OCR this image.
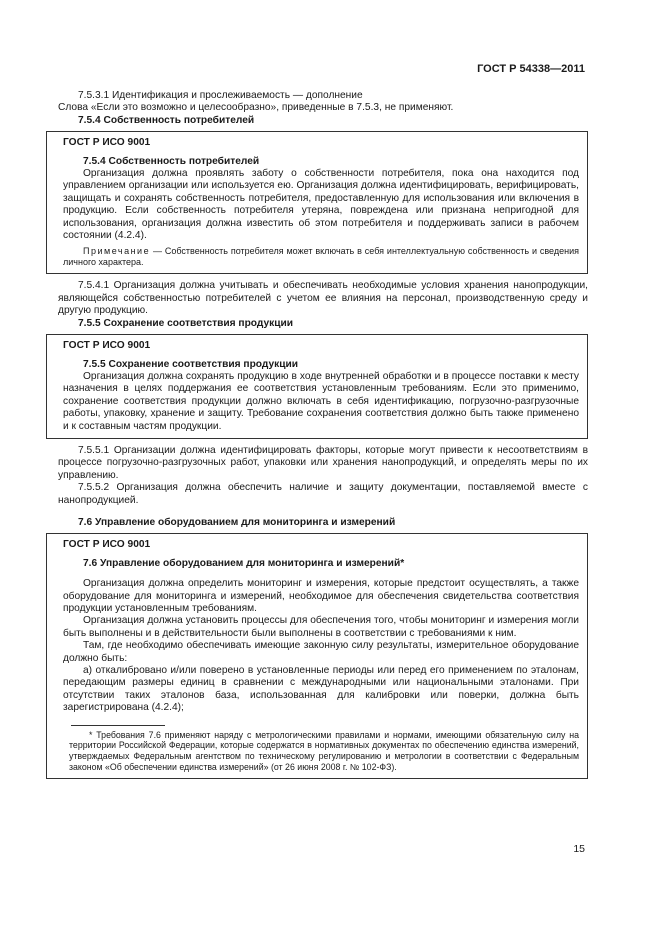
ГОСТ Р 54338—2011

7.5.3.1 Идентификация и прослеживаемость — дополнение

Слова «Если это возможно и целесообразно», приведенные в 7.5.3, не применяют.

7.5.4 Собственность потребителей

ГОСТ Р ИСО 9001

7.5.4 Собственность потребителей

Организация должна проявлять заботу о собственности потребителя, пока она находится под управлением организации или используется ею. Организация должна идентифицировать, верифицировать, защищать и сохранять собственность потребителя, предоставленную для использования или включения в продукцию. Если собственность потребителя утеряна, повреждена или признана непригодной для использования, организация должна известить об этом потребителя и поддерживать записи в рабочем состоянии (4.2.4).

Примечание — Собственность потребителя может включать в себя интеллектуальную собственность и сведения личного характера.

7.5.4.1 Организация должна учитывать и обеспечивать необходимые условия хранения нанопродукции, являющейся собственностью потребителей с учетом ее влияния на персонал, производственную среду и другую продукцию.

7.5.5 Сохранение соответствия продукции

ГОСТ Р ИСО 9001

7.5.5 Сохранение соответствия продукции

Организация должна сохранять продукцию в ходе внутренней обработки и в процессе поставки к месту назначения в целях поддержания ее соответствия установленным требованиям. Если это применимо, сохранение соответствия продукции должно включать в себя идентификацию, погрузочно-разгрузочные работы, упаковку, хранение и защиту. Требование сохранения соответствия должно быть также применено и к составным частям продукции.

7.5.5.1 Организации должна идентифицировать факторы, которые могут привести к несоответствиям в процессе погрузочно-разгрузочных работ, упаковки или хранения нанопродукций, и определять меры по их управлению.

7.5.5.2 Организация должна обеспечить наличие и защиту документации, поставляемой вместе с нанопродукцией.

7.6 Управление оборудованием для мониторинга и измерений

ГОСТ Р ИСО 9001

7.6 Управление оборудованием для мониторинга и измерений*

Организация должна определить мониторинг и измерения, которые предстоит осуществлять, а также оборудование для мониторинга и измерений, необходимое для обеспечения свидетельства соответствия продукции установленным требованиям.

Организация должна установить процессы для обеспечения того, чтобы мониторинг и измерения могли быть выполнены и в действительности были выполнены в соответствии с требованиями к ним.

Там, где необходимо обеспечивать имеющие законную силу результаты, измерительное оборудование должно быть:

а) откалибровано и/или поверено в установленные периоды или перед его применением по эталонам, передающим размеры единиц в сравнении с международными или национальными эталонами. При отсутствии таких эталонов база, использованная для калибровки или поверки, должна быть зарегистрирована (4.2.4);

* Требования 7.6 применяют наряду с метрологическими правилами и нормами, имеющими обязательную силу на территории Российской Федерации, которые содержатся в нормативных документах по обеспечению единства измерений, утверждаемых Федеральным агентством по техническому регулированию и метрологии в соответствии с Федеральным законом «Об обеспечении единства измерений» (от 26 июня 2008 г. № 102-ФЗ).

15
